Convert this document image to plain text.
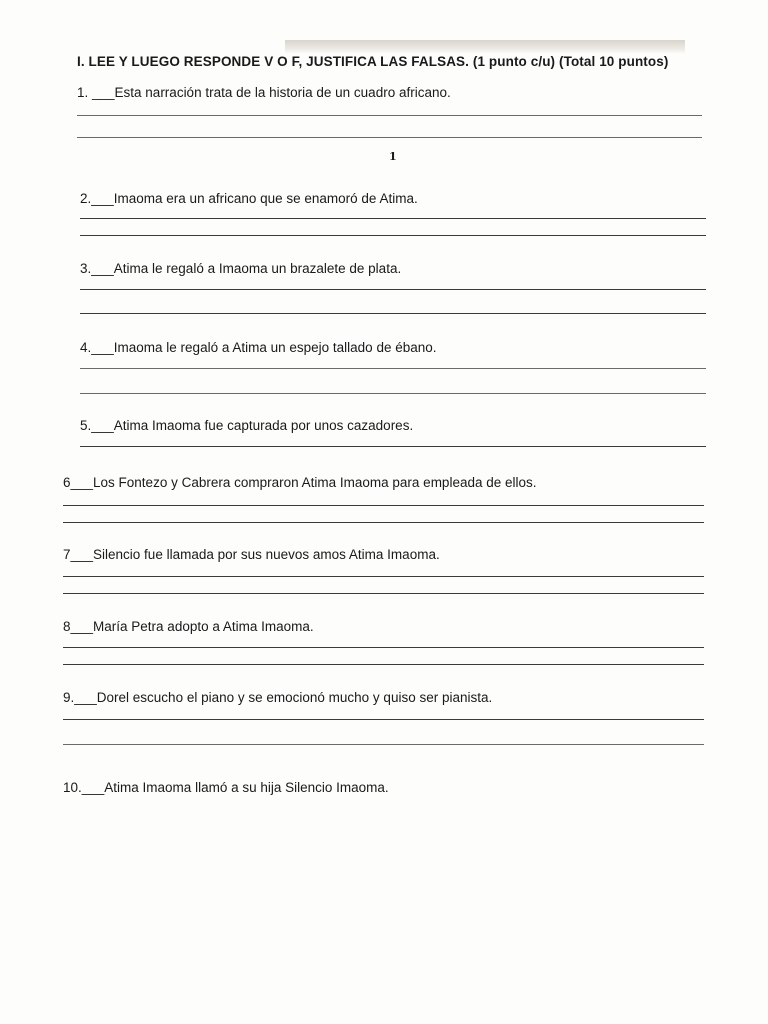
I. LEE Y LUEGO RESPONDE V O F, JUSTIFICA LAS FALSAS. (1 punto c/u) (Total 10 puntos)
1. ___Esta narración trata de la historia de un cuadro africano.
1
2.___Imaoma era un africano que se enamoró de Atima.
3.___Atima le regaló a Imaoma un brazalete de plata.
4.___Imaoma le regaló a Atima un espejo tallado de ébano.
5.___Atima Imaoma fue capturada por unos cazadores.
6___Los Fontezo y Cabrera compraron Atima Imaoma para empleada de ellos.
7___Silencio fue llamada por sus nuevos amos Atima Imaoma.
8___María Petra adopto a Atima Imaoma.
9.___Dorel escucho el piano y se emocionó mucho y quiso ser pianista.
10.___Atima Imaoma llamó a su hija Silencio Imaoma.
